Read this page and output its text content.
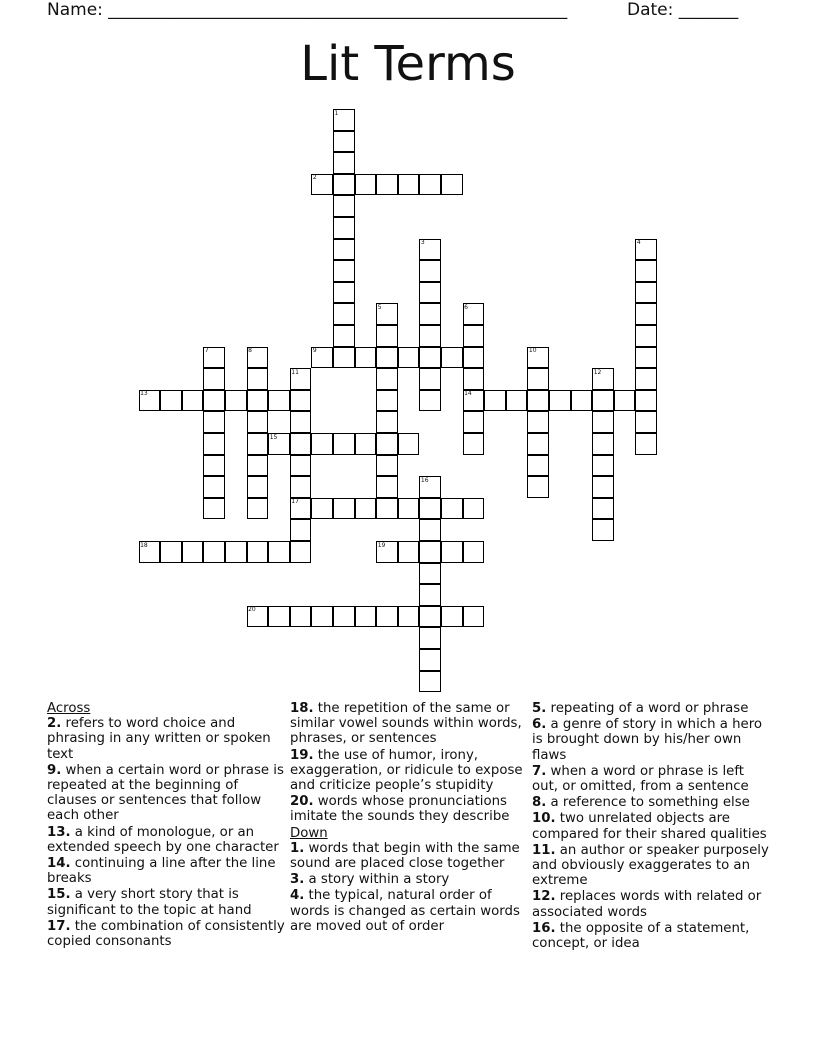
Name: ______________________________________________________	Date: _______
Lit Terms
1
2
3	4
5	6
7	8	9	10
11	12
13	14
15
16
17
18	19
20
Across
2. refers to word choice and phrasing in any written or spoken text
9. when a certain word or phrase is repeated at the beginning of clauses or sentences that follow each other
13. a kind of monologue, or an extended speech by one character
14. continuing a line after the line breaks
15. a very short story that is significant to the topic at hand
17. the combination of consistently copied consonants
18. the repetition of the same or similar vowel sounds within words, phrases, or sentences
19. the use of humor, irony, exaggeration, or ridicule to expose and criticize people’s stupidity
20. words whose pronunciations imitate the sounds they describe
Down
1. words that begin with the same sound are placed close together
3. a story within a story
4. the typical, natural order of words is changed as certain words are moved out of order
5. repeating of a word or phrase
6. a genre of story in which a hero is brought down by his/her own flaws
7. when a word or phrase is left out, or omitted, from a sentence
8. a reference to something else
10. two unrelated objects are compared for their shared qualities
11. an author or speaker purposely and obviously exaggerates to an extreme
12. replaces words with related or associated words
16. the opposite of a statement, concept, or idea
